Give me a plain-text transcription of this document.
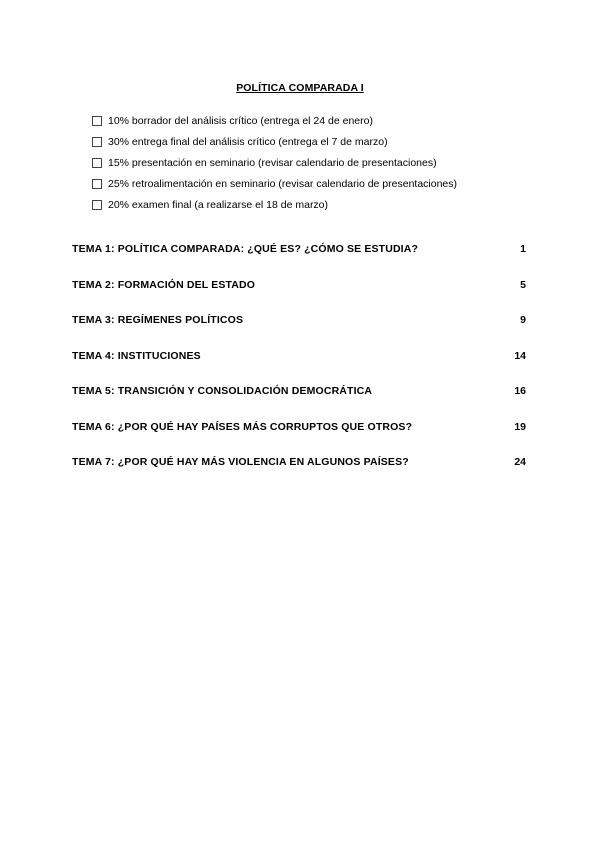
POLÍTICA COMPARADA I
10% borrador del análisis crítico (entrega el 24 de enero)
30% entrega final del análisis crítico (entrega el 7 de marzo)
15% presentación en seminario (revisar calendario de presentaciones)
25% retroalimentación en seminario (revisar calendario de presentaciones)
20% examen final (a realizarse el 18 de marzo)
TEMA 1: POLÍTICA COMPARADA: ¿QUÉ ES? ¿CÓMO SE ESTUDIA?	1
TEMA 2: FORMACIÓN DEL ESTADO	5
TEMA 3: REGÍMENES POLÍTICOS	9
TEMA 4: INSTITUCIONES	14
TEMA 5: TRANSICIÓN Y CONSOLIDACIÓN DEMOCRÁTICA	16
TEMA 6: ¿POR QUÉ HAY PAÍSES MÁS CORRUPTOS QUE OTROS?	19
TEMA 7: ¿POR QUÉ HAY MÁS VIOLENCIA EN ALGUNOS PAÍSES?	24
